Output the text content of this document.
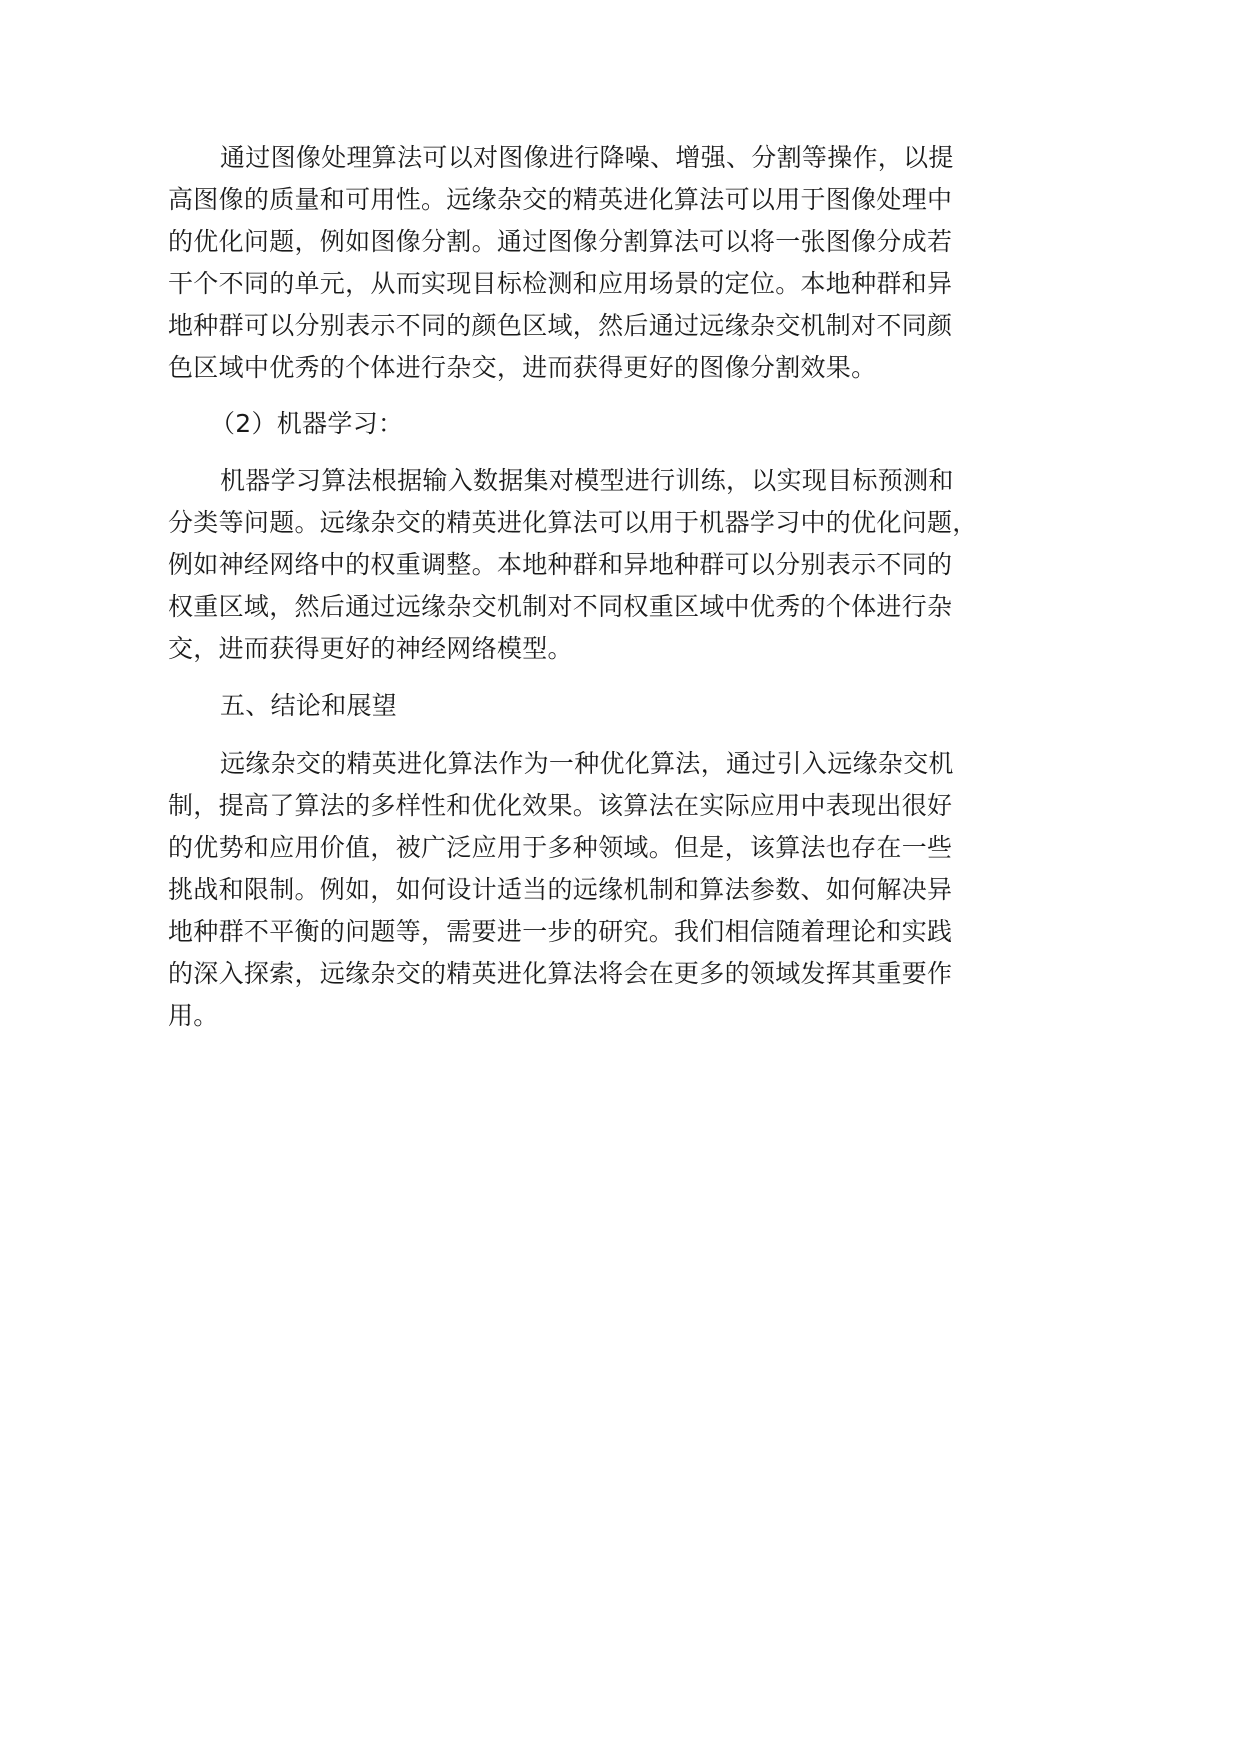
通过图像处理算法可以对图像进行降噪、增强、分割等操作，以提
高图像的质量和可用性。远缘杂交的精英进化算法可以用于图像处理中
的优化问题，例如图像分割。通过图像分割算法可以将一张图像分成若
干个不同的单元，从而实现目标检测和应用场景的定位。本地种群和异
地种群可以分别表示不同的颜色区域，然后通过远缘杂交机制对不同颜
色区域中优秀的个体进行杂交，进而获得更好的图像分割效果。
（2）机器学习：
机器学习算法根据输入数据集对模型进行训练，以实现目标预测和
分类等问题。远缘杂交的精英进化算法可以用于机器学习中的优化问题，
例如神经网络中的权重调整。本地种群和异地种群可以分别表示不同的
权重区域，然后通过远缘杂交机制对不同权重区域中优秀的个体进行杂
交，进而获得更好的神经网络模型。
五、结论和展望
远缘杂交的精英进化算法作为一种优化算法，通过引入远缘杂交机
制，提高了算法的多样性和优化效果。该算法在实际应用中表现出很好
的优势和应用价值，被广泛应用于多种领域。但是，该算法也存在一些
挑战和限制。例如，如何设计适当的远缘机制和算法参数、如何解决异
地种群不平衡的问题等，需要进一步的研究。我们相信随着理论和实践
的深入探索，远缘杂交的精英进化算法将会在更多的领域发挥其重要作
用。
